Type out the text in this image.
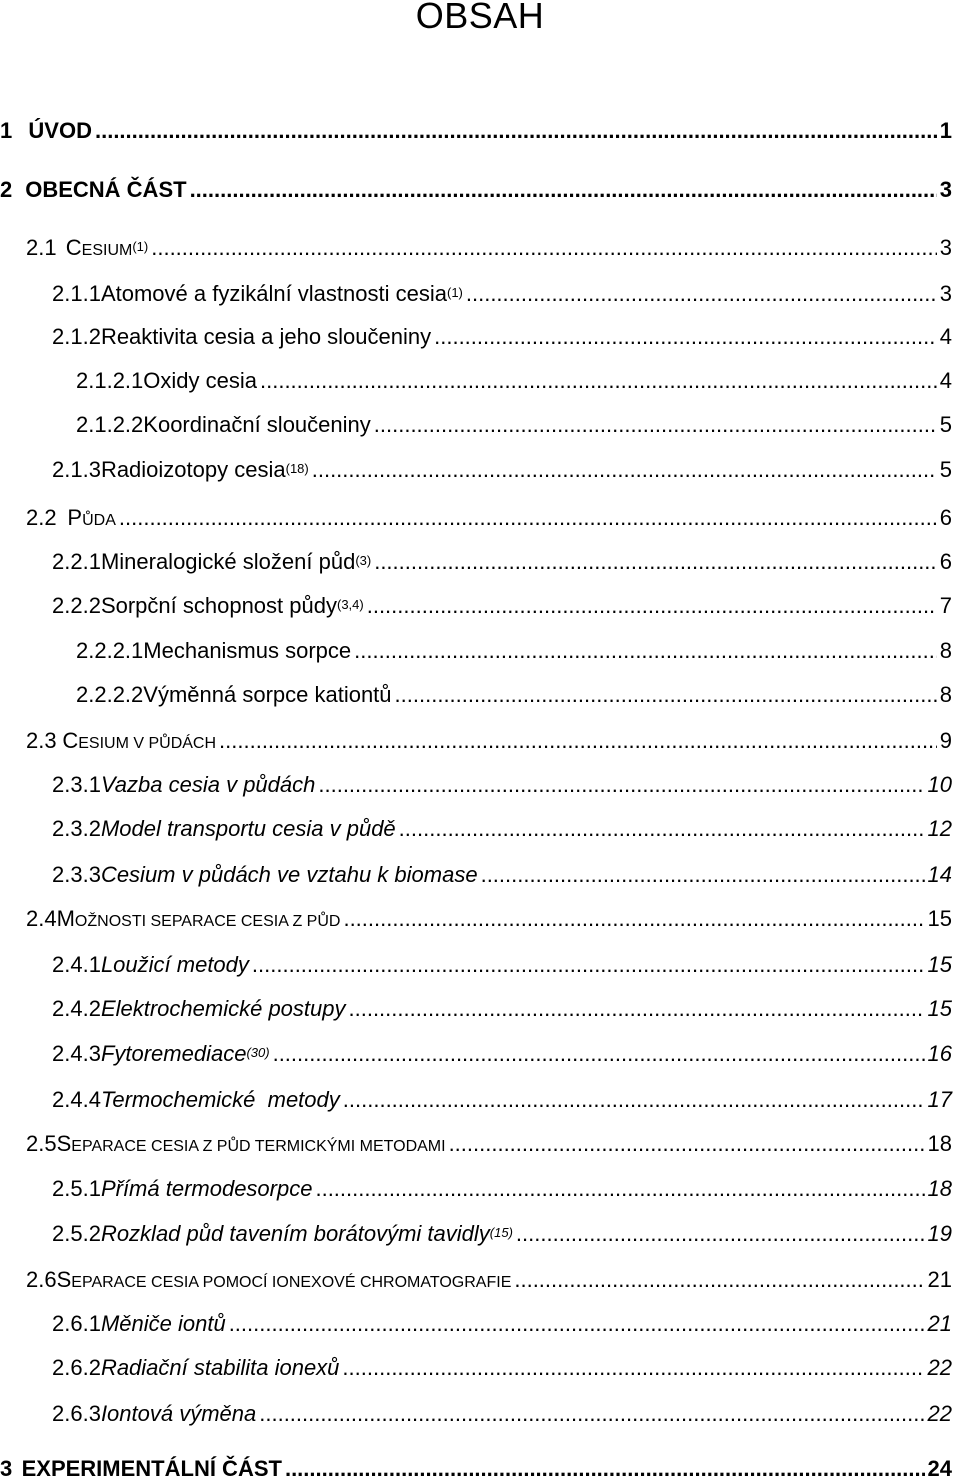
OBSAH
1 ÚVOD .....	1
2 OBECNÁ ČÁST .....	3
2.1 CESIUM$^{(1)}$ .....	3
2.1.1 Atomové a fyzikální vlastnosti cesia$^{(1)}$ .....	3
2.1.2 Reaktivita cesia a jeho sloučeniny .....	4
2.1.2.1 Oxidy cesia .....	4
2.1.2.2 Koordinační sloučeniny .....	5
2.1.3 Radioizotopy cesia$^{(18)}$ .....	5
2.2 PŮDA .....	6
2.2.1 Mineralogické složení půd$^{(3)}$ .....	6
2.2.2 Sorpční schopnost půdy$^{(3,4)}$ .....	7
2.2.2.1 Mechanismus sorpce .....	8
2.2.2.2 Výměnná sorpce kationtů .....	8
2.3 CESIUM V PŮDÁCH .....	9
2.3.1 Vazba cesia v půdách .....	10
2.3.2 Model transportu cesia v půdě .....	12
2.3.3 Cesium v půdách ve vztahu k biomase .....	14
2.4 MOŽNOSTI SEPARACE CESIA Z PŮD .....	15
2.4.1 Loužicí metody .....	15
2.4.2 Elektrochemické postupy .....	15
2.4.3 Fytoremediace$^{(30)}$ .....	16
2.4.4 Termochemické  metody .....	17
2.5 SEPARACE CESIA Z PŮD TERMICKÝMI METODAMI .....	18
2.5.1 Přímá termodesorpce .....	18
2.5.2 Rozklad půd tavením borátovými tavidly$^{(15)}$ .....	19
2.6 SEPARACE CESIA POMOCÍ IONEXOVÉ CHROMATOGRAFIE .....	21
2.6.1 Měniče iontů .....	21
2.6.2 Radiační stabilita ionexů .....	22
2.6.3 Iontová výměna .....	22
3 EXPERIMENTÁLNÍ ČÁST .....	24
